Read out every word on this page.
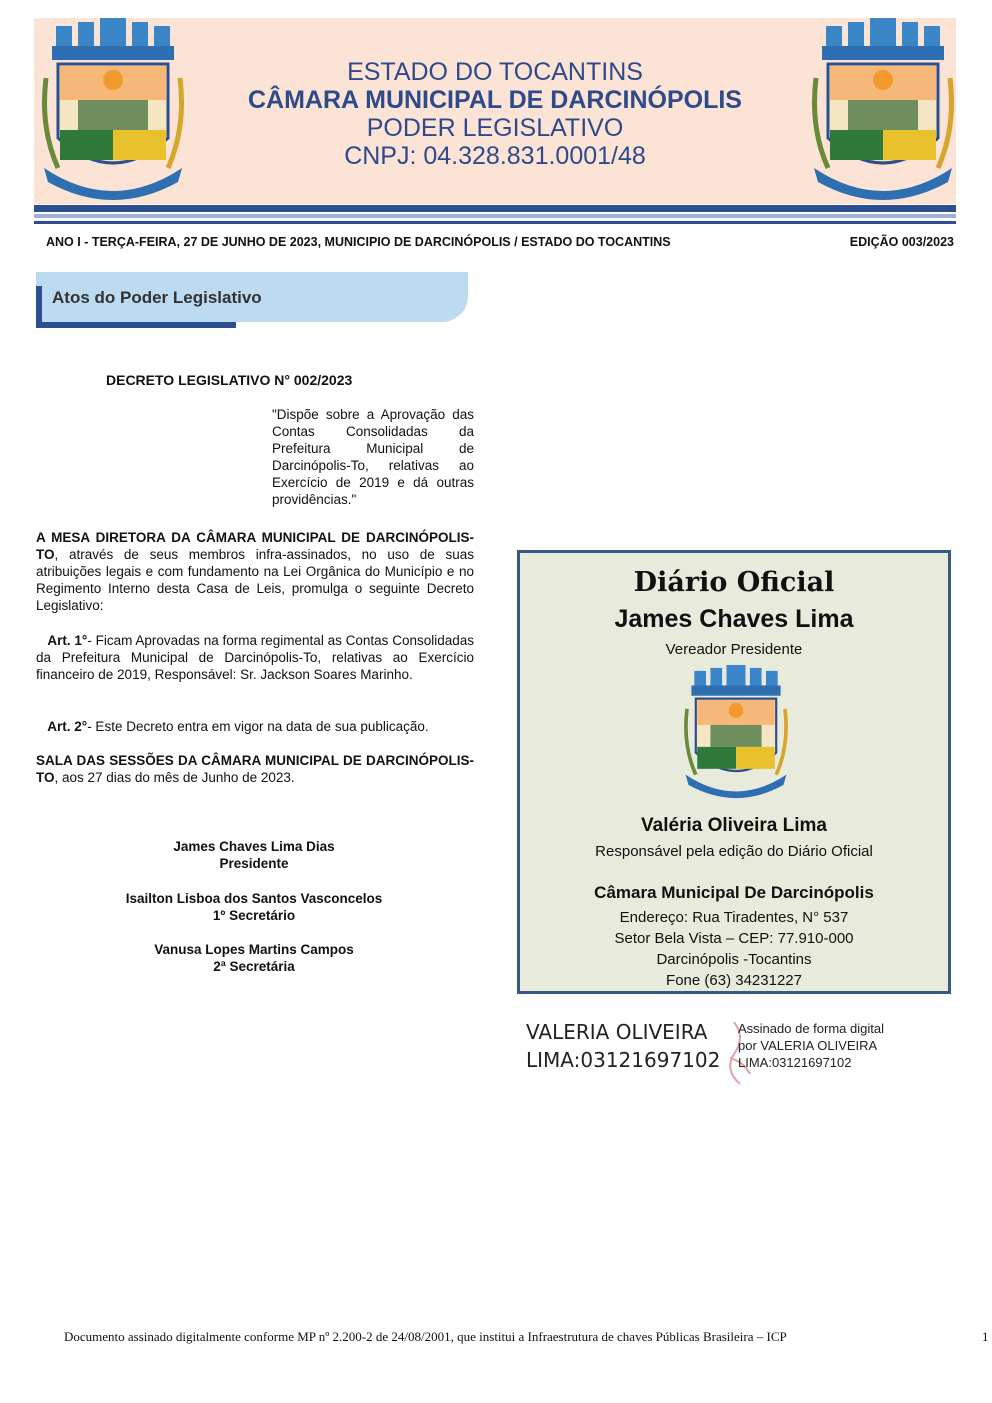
ESTADO DO TOCANTINS
CÂMARA MUNICIPAL DE DARCINÓPOLIS
PODER LEGISLATIVO
CNPJ: 04.328.831.0001/48
ANO I - TERÇA-FEIRA, 27 DE JUNHO DE 2023, MUNICIPIO DE DARCINÓPOLIS / ESTADO DO TOCANTINS	EDIÇÃO 003/2023
Atos do Poder Legislativo
DECRETO LEGISLATIVO N° 002/2023
"Dispõe sobre a Aprovação das Contas Consolidadas da Prefeitura Municipal de Darcinópolis-To, relativas ao Exercício de 2019 e dá outras providências."
A MESA DIRETORA DA CÂMARA MUNICIPAL DE DARCINÓPOLIS-TO, através de seus membros infra-assinados, no uso de suas atribuições legais e com fundamento na Lei Orgânica do Município e no Regimento Interno desta Casa de Leis, promulga o seguinte Decreto Legislativo:
Art. 1°- Ficam Aprovadas na forma regimental as Contas Consolidadas da Prefeitura Municipal de Darcinópolis-To, relativas ao Exercício financeiro de 2019, Responsável: Sr. Jackson Soares Marinho.
Art. 2°- Este Decreto entra em vigor na data de sua publicação.
SALA DAS SESSÕES DA CÂMARA MUNICIPAL DE DARCINÓPOLIS-TO, aos 27 dias do mês de Junho de 2023.
James Chaves Lima Dias
Presidente
Isailton Lisboa dos Santos Vasconcelos
1º Secretário
Vanusa Lopes Martins Campos
2ª Secretária
Diário Oficial
James Chaves Lima
Vereador Presidente
Valéria Oliveira Lima
Responsável pela edição do Diário Oficial
Câmara Municipal De Darcinópolis
Endereço: Rua Tiradentes, N° 537
Setor Bela Vista – CEP: 77.910-000
Darcinópolis -Tocantins
Fone (63) 34231227
VALERIA OLIVEIRA
LIMA:03121697102
Assinado de forma digital
por VALERIA OLIVEIRA
LIMA:03121697102
Documento assinado digitalmente conforme MP nº 2.200-2 de 24/08/2001, que institui a Infraestrutura de chaves Públicas Brasileira – ICP	1
